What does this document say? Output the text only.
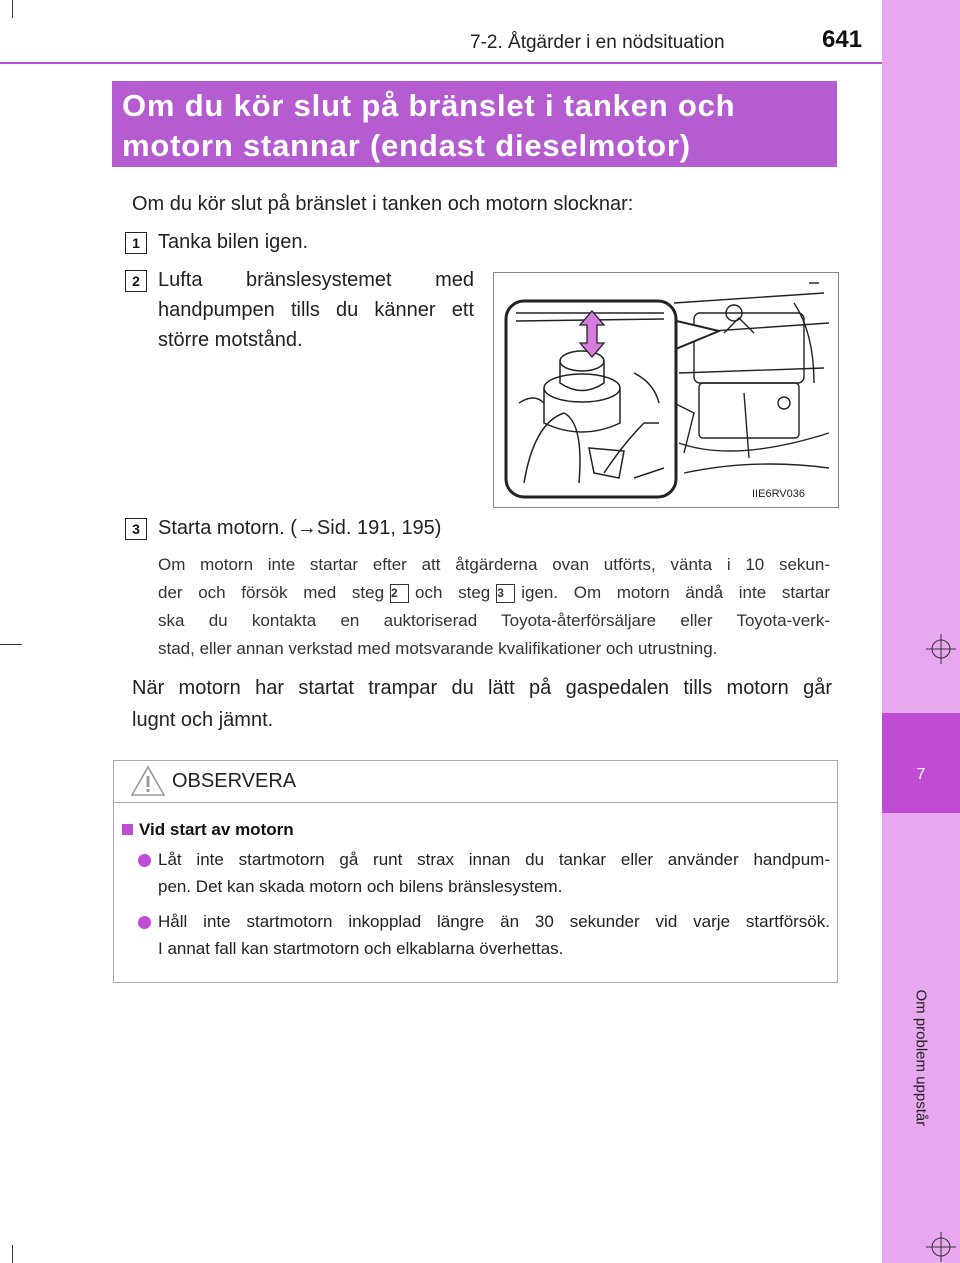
7
Om problem uppstår
7-2. Åtgärder i en nödsituation	641
Om du kör slut på bränslet i tanken och
motorn stannar (endast dieselmotor)

Om du kör slut på bränslet i tanken och motorn slocknar:

1 Tanka bilen igen.

2 Lufta bränslesystemet med
handpumpen tills du känner ett
större motstånd.
IIE6RV036
3 Starta motorn. (→Sid. 191, 195)

Om motorn inte startar efter att åtgärderna ovan utförts, vänta i 10 sekun-
der och försök med steg 2 och steg 3 igen. Om motorn ändå inte startar
ska du kontakta en auktoriserad Toyota-återförsäljare eller Toyota-verk-
stad, eller annan verkstad med motsvarande kvalifikationer och utrustning.
När motorn har startat trampar du lätt på gaspedalen tills motorn går
lugnt och jämnt.
OBSERVERA
Vid start av motorn
Låt inte startmotorn gå runt strax innan du tankar eller använder handpum-
pen. Det kan skada motorn och bilens bränslesystem.
Håll inte startmotorn inkopplad längre än 30 sekunder vid varje startförsök.
I annat fall kan startmotorn och elkablarna överhettas.
